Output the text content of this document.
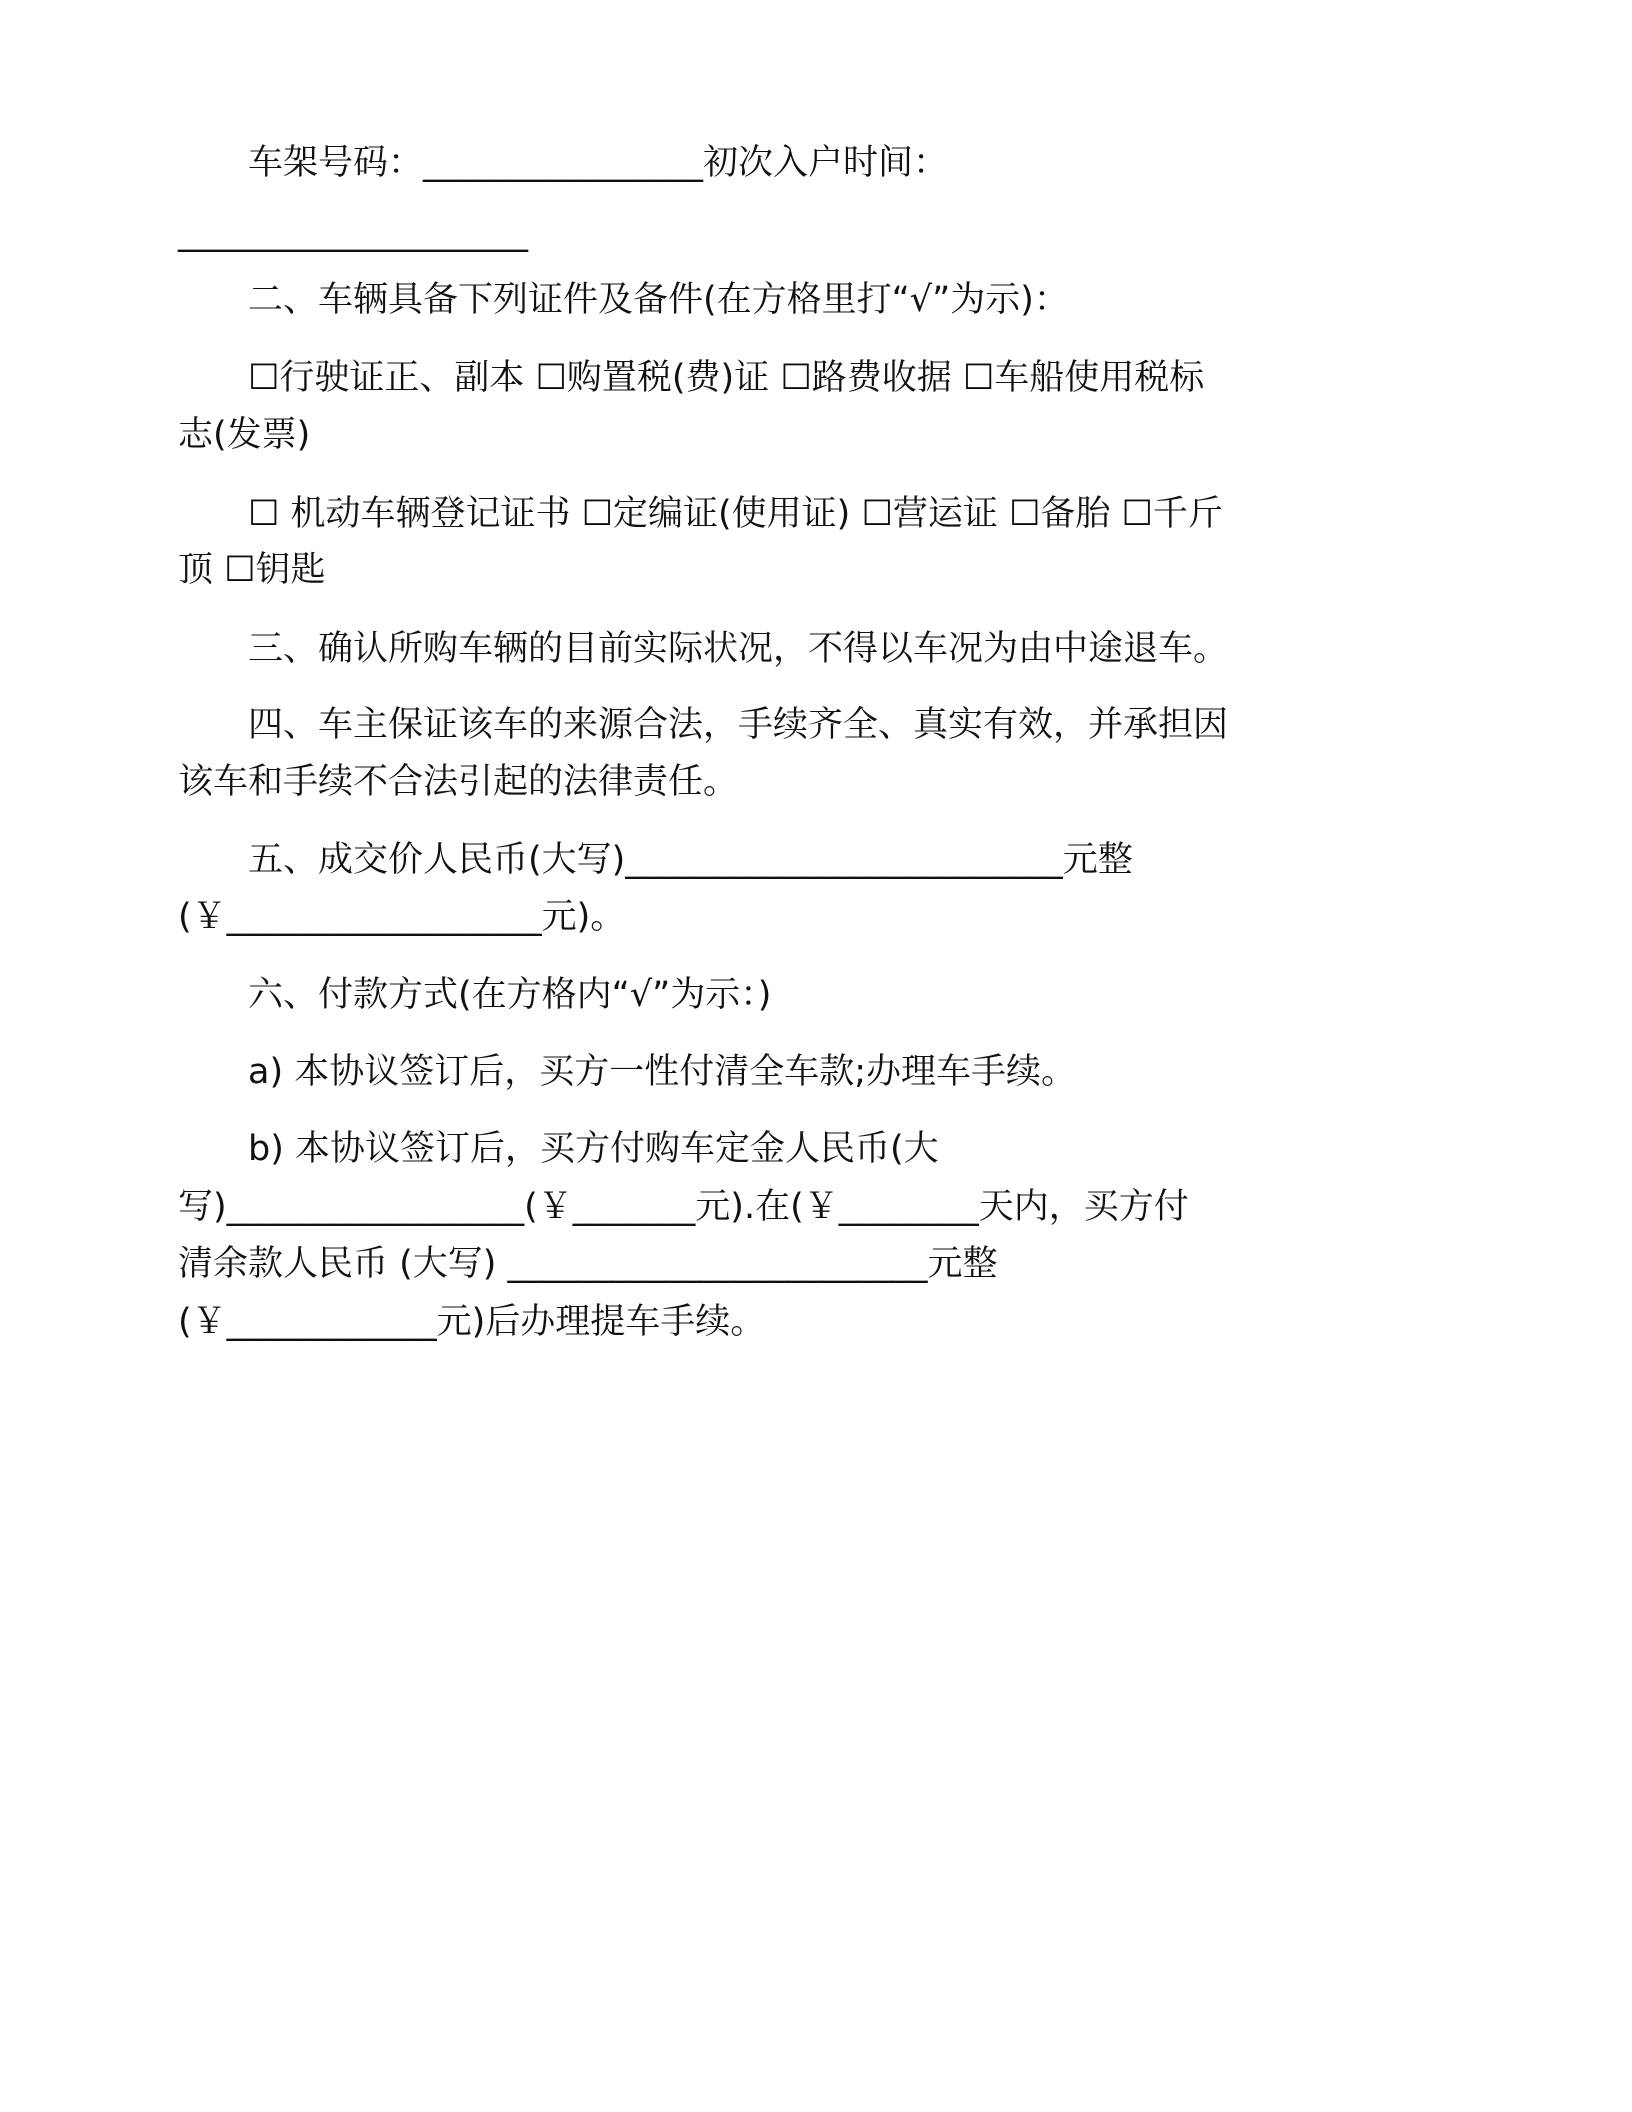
车架号码：________________初次入户时间：
____________________
二、车辆具备下列证件及备件(在方格里打“√”为示)：
☐行驶证正、副本 ☐购置税(费)证 ☐路费收据 ☐车船使用税标
志(发票)
☐ 机动车辆登记证书 ☐定编证(使用证) ☐营运证 ☐备胎 ☐千斤
顶 ☐钥匙
三、确认所购车辆的目前实际状况，不得以车况为由中途退车。
四、车主保证该车的来源合法，手续齐全、真实有效，并承担因
该车和手续不合法引起的法律责任。
五、成交价人民币(大写)_________________________元整
(￥__________________元)。
六、付款方式(在方格内“√”为示：)
a) 本协议签订后，买方一性付清全车款;办理车手续。
b) 本协议签订后，买方付购车定金人民币(大
写)_________________(￥_______元).在(￥________天内，买方付
清余款人民币 (大写) ________________________元整
(￥____________元)后办理提车手续。
